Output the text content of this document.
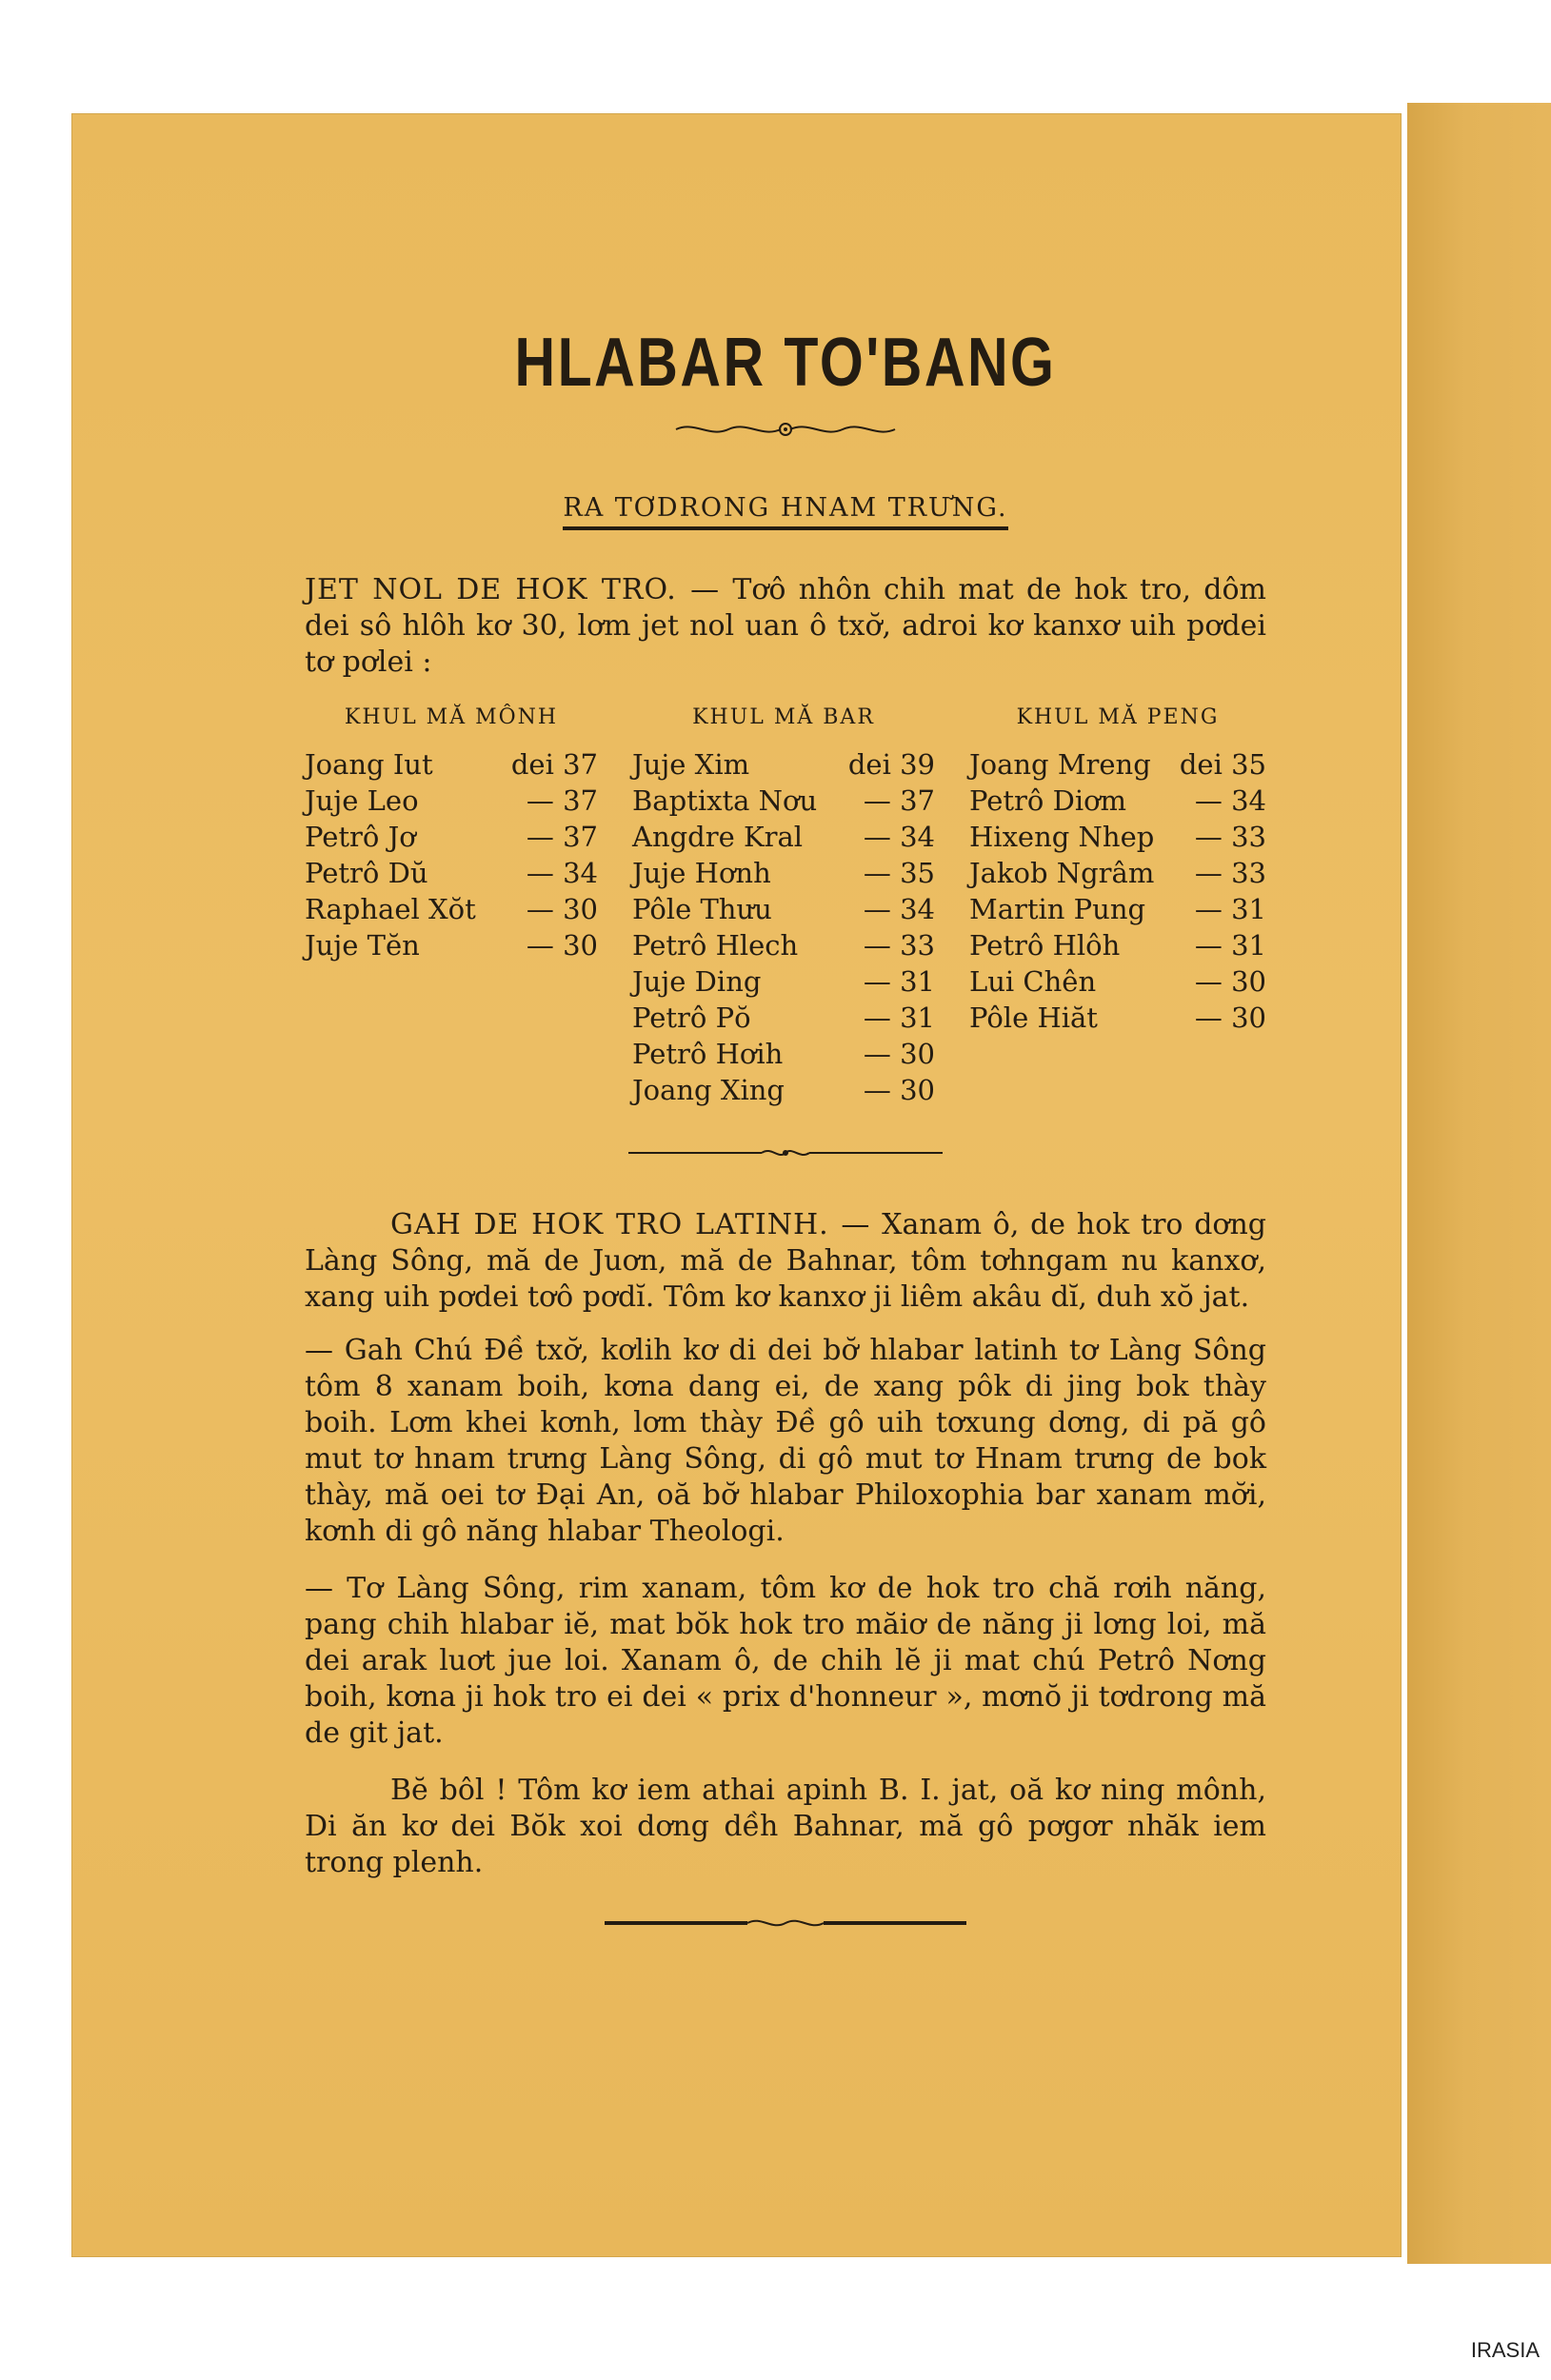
HLABAR TO'BANG
RA TƠDRONG HNAM TRƯNG.

JET NOL DE HOK TRO. — Tơô nhôn chih mat de hok tro, dôm dei sô hlôh kơ 30, lơm jet nol uan ô txơ̆, adroi kơ kanxơ uih pơdei tơ pơlei :

KHUL MĂ MÔNH
Joang Iut	dei 37
Juje Leo	— 37
Petrô Jơ	— 37
Petrô Dŭ	— 34
Raphael Xŏt	— 30
Juje Tĕn	— 30
KHUL MĂ BAR
Juje Xim	dei 39
Baptixta Nơu	— 37
Angdre Kral	— 34
Juje Hơnh	— 35
Pôle Thưu	— 34
Petrô Hlech	— 33
Juje Ding	— 31
Petrô Pŏ	— 31
Petrô Hơih	— 30
Joang Xing	— 30
KHUL MĂ PENG
Joang Mreng	dei 35
Petrô Diơm	— 34
Hixeng Nhep	— 33
Jakob Ngrâm	— 33
Martin Pung	— 31
Petrô Hlôh	— 31
Lui Chên	— 30
Pôle Hiăt	— 30

GAH DE HOK TRO LATINH. — Xanam ô, de hok tro dơng Làng Sông, mă de Juơn, mă de Bahnar, tôm tơhngam nu kanxơ, xang uih pơdei tơô pơdĭ. Tôm kơ kanxơ ji liêm akâu dĭ, duh xŏ jat.

— Gah Chú Đề txơ̆, kơlih kơ di dei bơ̆ hlabar latinh tơ Làng Sông tôm 8 xanam boih, kơna dang ei, de xang pôk di jing bok thày boih. Lơm khei kơnh, lơm thày Đề gô uih tơxung dơng, di pă gô mut tơ hnam trưng Làng Sông, di gô mut tơ Hnam trưng de bok thày, mă oei tơ Đại An, oă bơ̆ hlabar Philoxophia bar xanam mơ̆i, kơnh di gô năng hlabar Theologi.

— Tơ Làng Sông, rim xanam, tôm kơ de hok tro chă rơih năng, pang chih hlabar iĕ, mat bŏk hok tro măiơ de năng ji lơng loi, mă dei arak luơt jue loi. Xanam ô, de chih lĕ ji mat chú Petrô Nơng boih, kơna ji hok tro ei dei « prix d'honneur », mơnŏ ji tơdrong mă de git jat.

Bĕ bôl ! Tôm kơ iem athai apinh B. I. jat, oă kơ ning mônh, Di ăn kơ dei Bŏk xoi dơng dềh Bahnar, mă gô pơgơr nhăk iem trong plenh.

IRASIA
